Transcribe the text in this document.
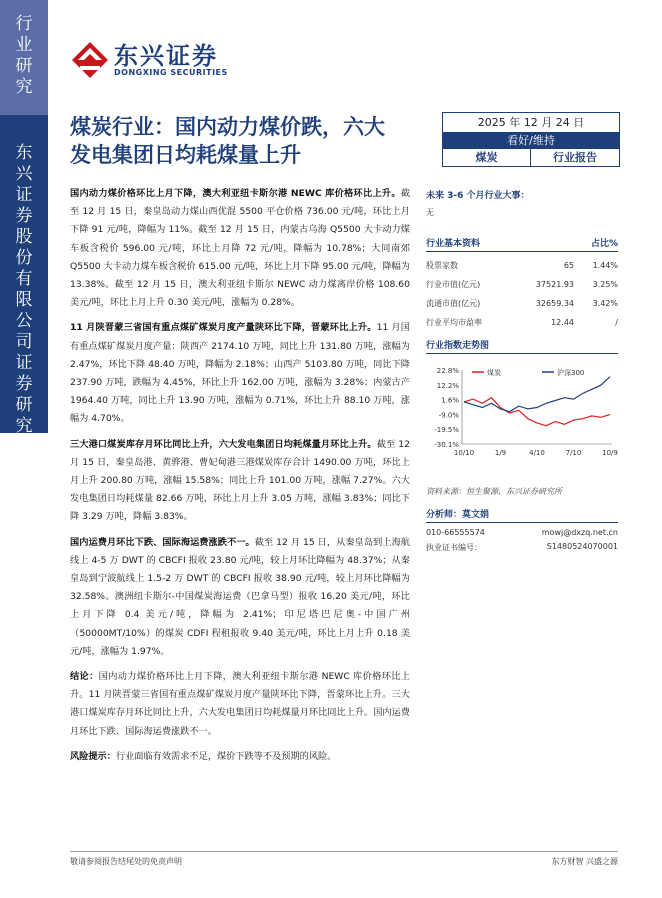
行业研究
东兴证券股份有限公司证券研究报告
东兴证券
DONGXING SECURITIES
煤炭行业：国内动力煤价跌，六大
发电集团日均耗煤量上升
2025 年 12 月 24 日
看好/维持
煤炭	行业报告

国内动力煤价格环比上月下降，澳大利亚纽卡斯尔港 NEWC 库价格环比上升。截至 12 月 15 日，秦皇岛动力煤山西优混 5500 平仓价格 736.00 元/吨，环比上月下降 91 元/吨，降幅为 11%。截至 12 月 15 日，内蒙古乌海 Q5500 大卡动力煤车板含税价 596.00 元/吨，环比上月降 72 元/吨，降幅为 10.78%；大同南郊 Q5500 大卡动力煤车板含税价 615.00 元/吨，环比上月下降 95.00 元/吨，降幅为 13.38%。截至 12 月 15 日，澳大利亚纽卡斯尔 NEWC 动力煤离岸价格 108.60 美元/吨，环比上月上升 0.30 美元/吨，涨幅为 0.28%。

11 月陕晋蒙三省国有重点煤矿煤炭月度产量陕环比下降，晋蒙环比上升。11 月国有重点煤矿煤炭月度产量：陕西产 2174.10 万吨，同比上升 131.80 万吨，涨幅为 2.47%，环比下降 48.40 万吨，降幅为 2.18%；山西产 5103.80 万吨，同比下降 237.90 万吨，跌幅为 4.45%，环比上升 162.00 万吨，涨幅为 3.28%；内蒙古产 1964.40 万吨，同比上升 13.90 万吨，涨幅为 0.71%，环比上升 88.10 万吨，涨幅为 4.70%。

三大港口煤炭库存月环比同比上升，六大发电集团日均耗煤量月环比上升。截至 12 月 15 日，秦皇岛港、黄骅港、曹妃甸港三港煤炭库存合计 1490.00 万吨，环比上月上升 200.80 万吨，涨幅 15.58%；同比上升 101.00 万吨，涨幅 7.27%。六大发电集团日均耗煤量 82.66 万吨，环比上月上升 3.05 万吨，涨幅 3.83%；同比下降 3.29 万吨，降幅 3.83%。

国内运费月环比下跌、国际海运费涨跌不一。截至 12 月 15 日，从秦皇岛到上海航线上 4-5 万 DWT 的 CBCFI 报收 23.80 元/吨，较上月环比降幅为 48.37%；从秦皇岛到宁波航线上 1.5-2 万 DWT 的 CBCFI 报收 38.90 元/吨，较上月环比降幅为 32.58%。澳洲纽卡斯尔-中国煤炭海运费（巴拿马型）报收 16.20 美元/吨，环比上月下降 0.4 美元/吨，降幅为 2.41%；印尼塔巴尼奥-中国广州（50000MT/10%）的煤炭 CDFI 程租报收 9.40 美元/吨，环比上月上升 0.18 美元/吨，涨幅为 1.97%。

结论：国内动力煤价格环比上月下降，澳大利亚纽卡斯尔港 NEWC 库价格环比上升。11 月陕晋蒙三省国有重点煤矿煤炭月度产量陕环比下降，晋蒙环比上升。三大港口煤炭库存月环比同比上升，六大发电集团日均耗煤量月环比同比上升。国内运费月环比下跌、国际海运费涨跌不一。

风险提示：行业面临有效需求不足，煤价下跌等不及预期的风险。

未来 3-6 个月行业大事：
无
行业基本资料	占比%
股票家数	65	1.44%
行业市值(亿元)	37521.93	3.25%
流通市值(亿元)	32659.34	3.42%
行业平均市盈率	12.44	/
行业指数走势图
22.8%
12.2%
1.6%
-9.0%
-19.5%
-30.1%
10/10	1/9	4/10	7/10	10/9
煤炭	沪深300
资料来源：恒生聚源、东兴证券研究所
分析师：莫文娟
010-66555574	mowj@dxzq.net.cn
执业证书编号：	S1480524070001
敬请参阅报告结尾处的免责声明	东方财智 兴盛之源
